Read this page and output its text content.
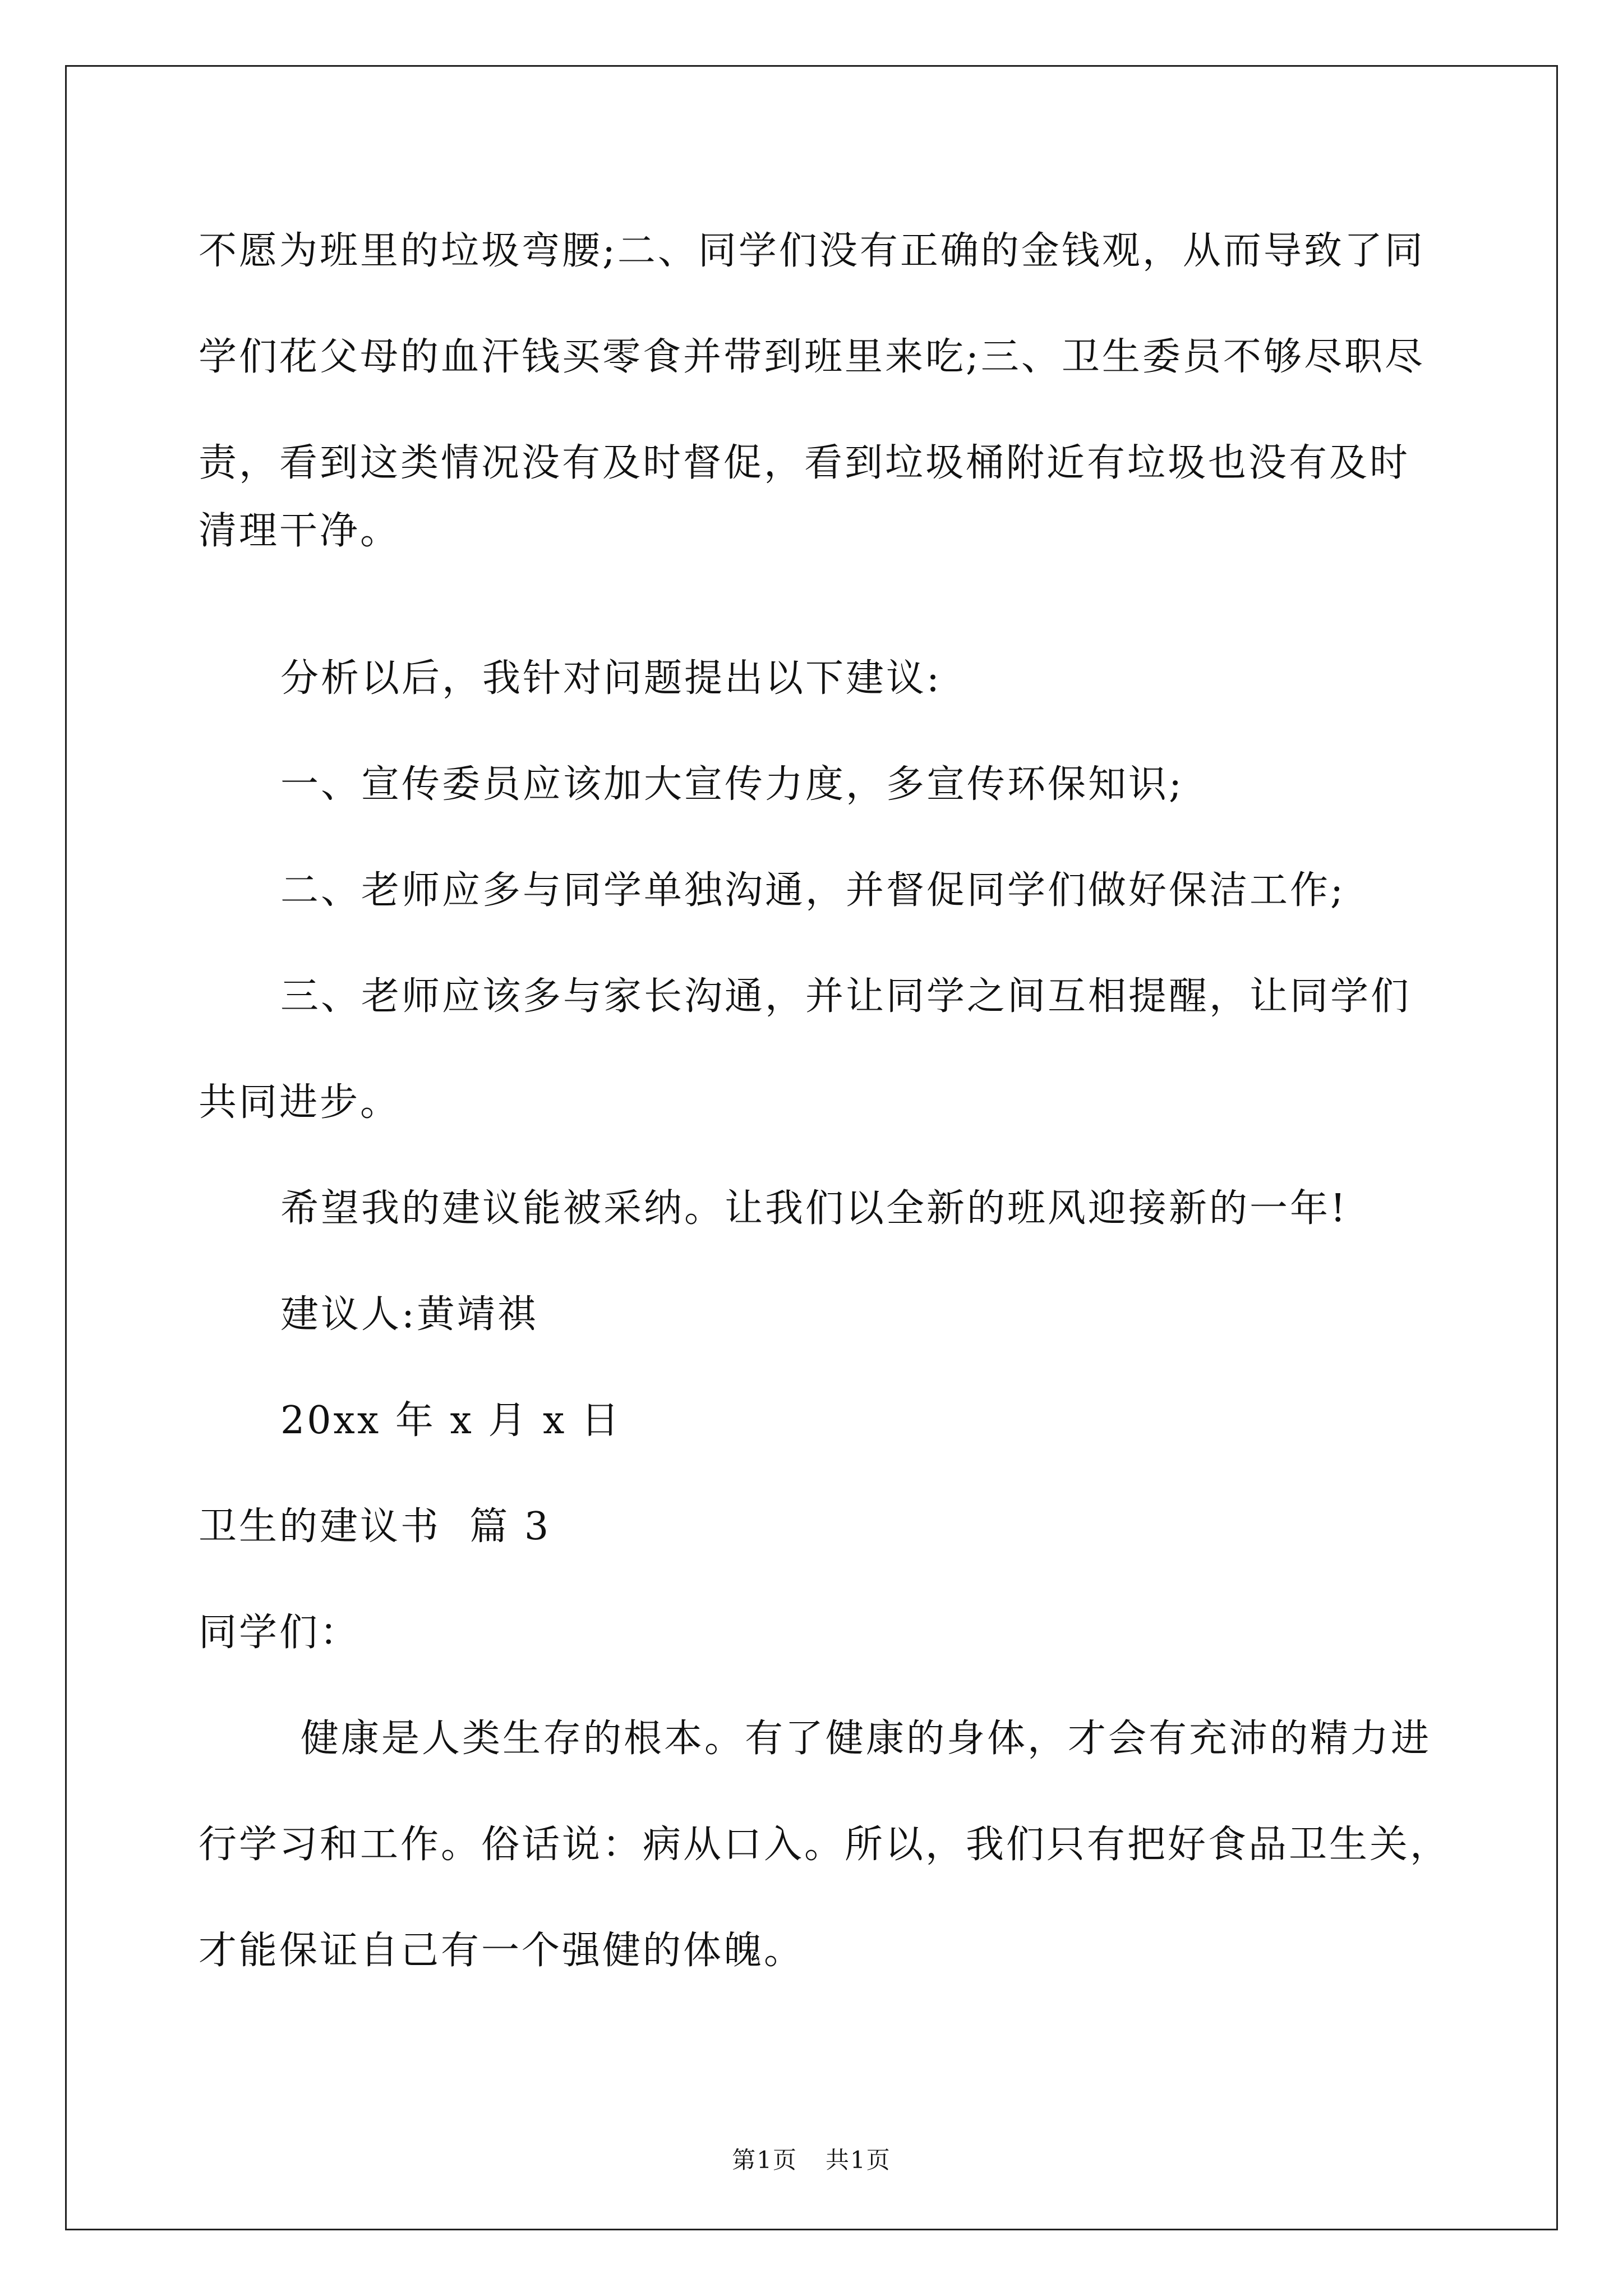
不愿为班里的垃圾弯腰;二、同学们没有正确的金钱观，从而导致了同
学们花父母的血汗钱买零食并带到班里来吃;三、卫生委员不够尽职尽
责，看到这类情况没有及时督促，看到垃圾桶附近有垃圾也没有及时
清理干净。
分析以后，我针对问题提出以下建议:
一、宣传委员应该加大宣传力度，多宣传环保知识;
二、老师应多与同学单独沟通，并督促同学们做好保洁工作;
三、老师应该多与家长沟通，并让同学之间互相提醒，让同学们
共同进步。
希望我的建议能被采纳。让我们以全新的班风迎接新的一年!
建议人:黄靖祺
20xx 年 x 月 x 日
卫生的建议书  篇 3
同学们：
健康是人类生存的根本。有了健康的身体，才会有充沛的精力进
行学习和工作。俗话说：病从口入。所以，我们只有把好食品卫生关，
才能保证自己有一个强健的体魄。
第1页 共1页
